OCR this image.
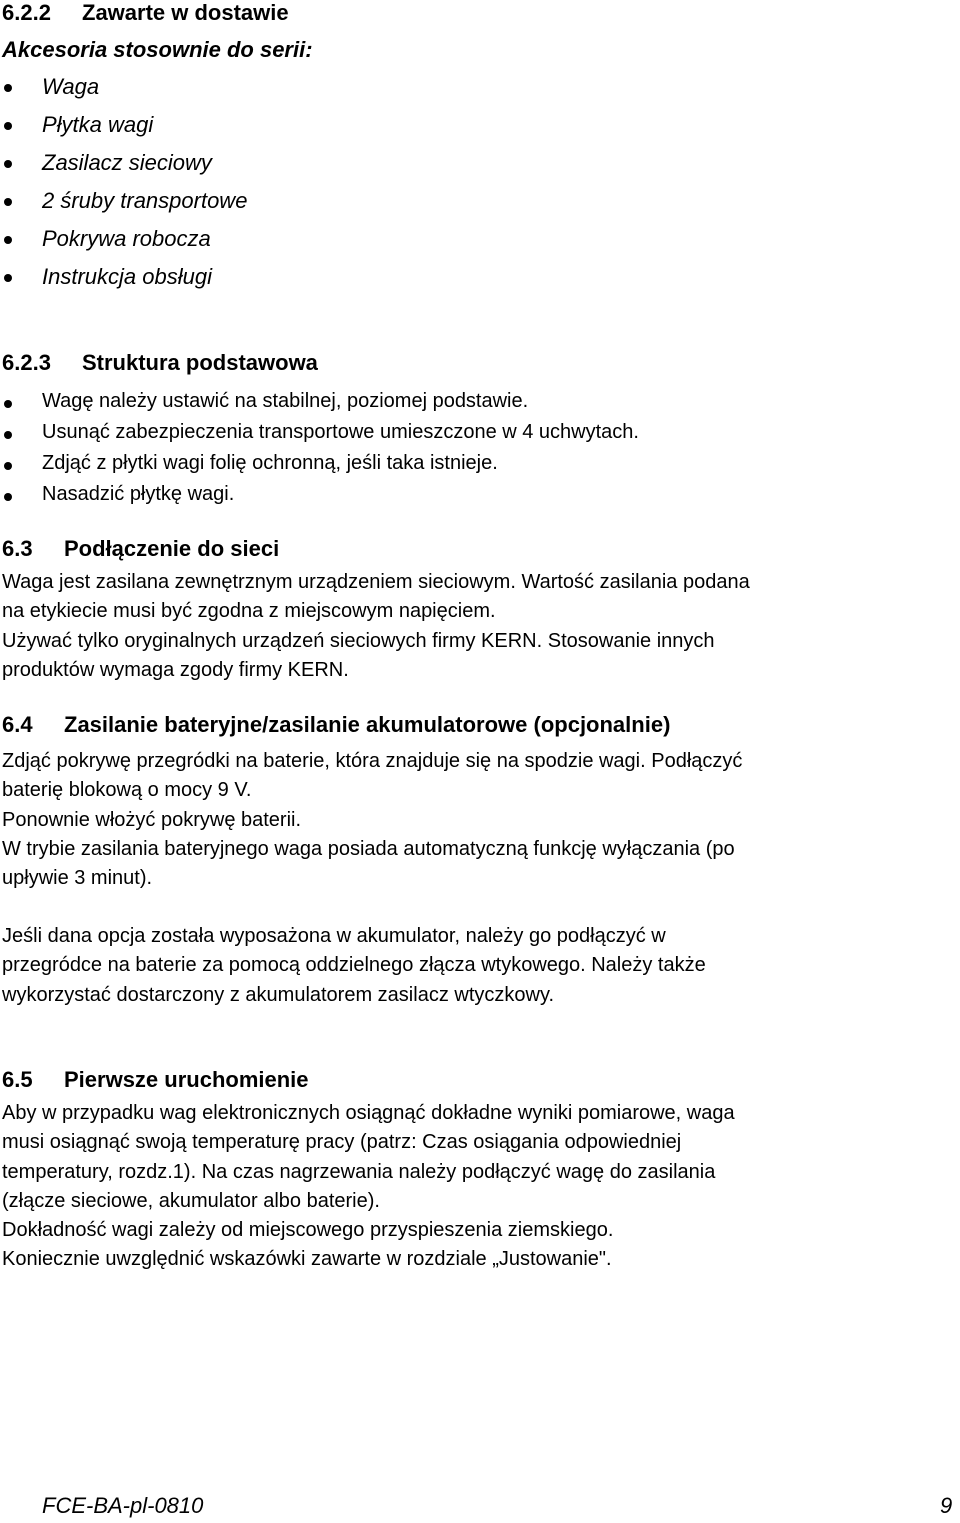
6.2.2 Zawarte w dostawie
Akcesoria stosownie do serii:
Waga
Płytka wagi
Zasilacz sieciowy
2 śruby transportowe
Pokrywa robocza
Instrukcja obsługi
6.2.3 Struktura podstawowa
Wagę należy ustawić na stabilnej, poziomej podstawie.
Usunąć zabezpieczenia transportowe umieszczone w 4 uchwytach.
Zdjąć z płytki wagi folię ochronną, jeśli taka istnieje.
Nasadzić płytkę wagi.
6.3 Podłączenie do sieci
Waga jest zasilana zewnętrznym urządzeniem sieciowym. Wartość zasilania podana
na etykiecie musi być zgodna z miejscowym napięciem.
Używać tylko oryginalnych urządzeń sieciowych firmy KERN. Stosowanie innych
produktów wymaga zgody firmy KERN.
6.4 Zasilanie bateryjne/zasilanie akumulatorowe (opcjonalnie)
Zdjąć pokrywę przegródki na baterie, która znajduje się na spodzie wagi. Podłączyć
baterię blokową o mocy 9 V.
Ponownie włożyć pokrywę baterii.
W trybie zasilania bateryjnego waga posiada automatyczną funkcję wyłączania (po
upływie 3 minut).
Jeśli dana opcja została wyposażona w akumulator, należy go podłączyć w
przegródce na baterie za pomocą oddzielnego złącza wtykowego. Należy także
wykorzystać dostarczony z akumulatorem zasilacz wtyczkowy.
6.5 Pierwsze uruchomienie
Aby w przypadku wag elektronicznych osiągnąć dokładne wyniki pomiarowe, waga
musi osiągnąć swoją temperaturę pracy (patrz: Czas osiągania odpowiedniej
temperatury, rozdz.1). Na czas nagrzewania należy podłączyć wagę do zasilania
(złącze sieciowe, akumulator albo baterie).
Dokładność wagi zależy od miejscowego przyspieszenia ziemskiego.
Koniecznie uwzględnić wskazówki zawarte w rozdziale „Justowanie".
FCE-BA-pl-0810	9
